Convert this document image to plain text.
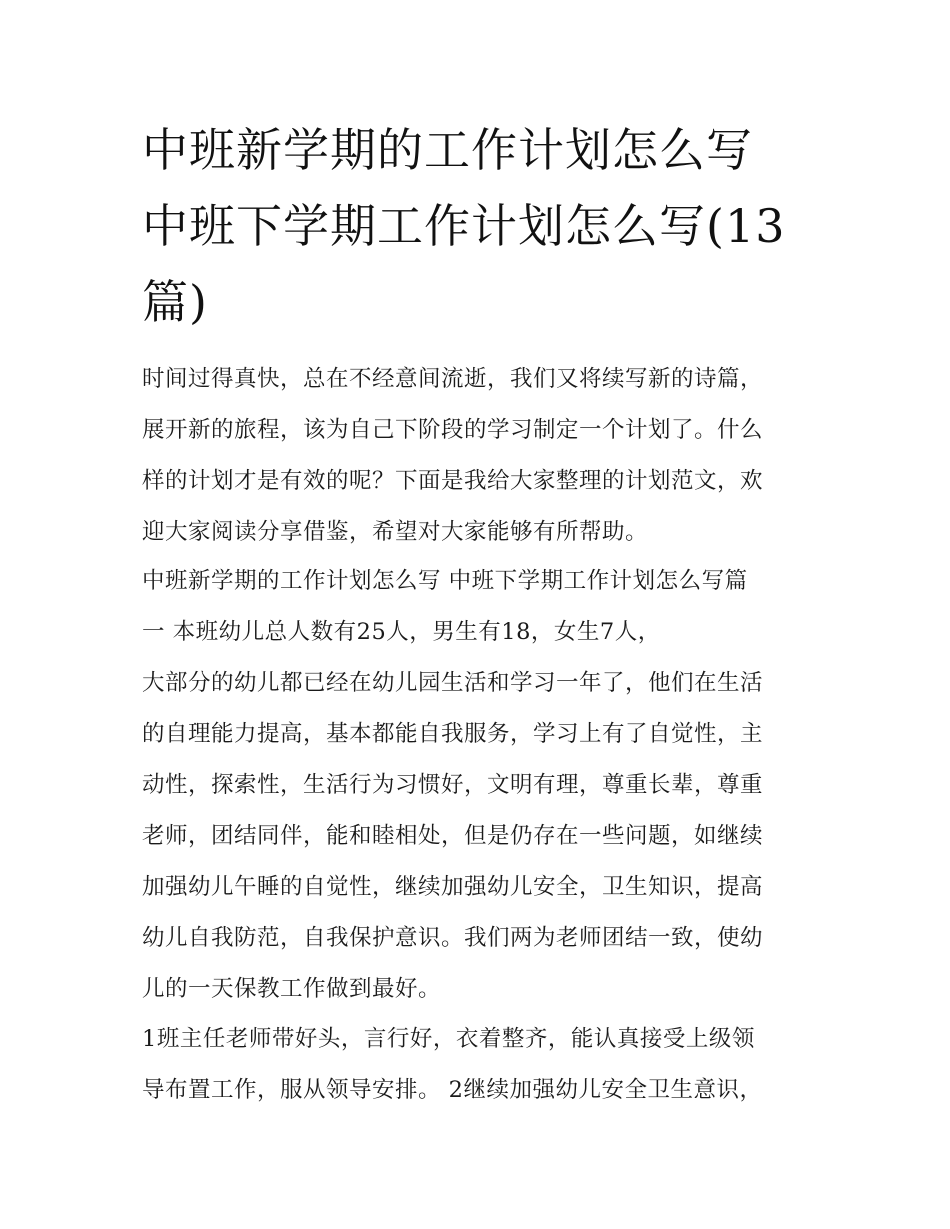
中班新学期的工作计划怎么写
中班下学期工作计划怎么写(13
篇)
时间过得真快，总在不经意间流逝，我们又将续写新的诗篇，
展开新的旅程，该为自己下阶段的学习制定一个计划了。什么
样的计划才是有效的呢？下面是我给大家整理的计划范文，欢
迎大家阅读分享借鉴，希望对大家能够有所帮助。
中班新学期的工作计划怎么写 中班下学期工作计划怎么写篇
一 本班幼儿总人数有25人，男生有18，女生7人，
大部分的幼儿都已经在幼儿园生活和学习一年了，他们在生活
的自理能力提高，基本都能自我服务，学习上有了自觉性，主
动性，探索性，生活行为习惯好，文明有理，尊重长辈，尊重
老师，团结同伴，能和睦相处，但是仍存在一些问题，如继续
加强幼儿午睡的自觉性，继续加强幼儿安全，卫生知识，提高
幼儿自我防范，自我保护意识。我们两为老师团结一致，使幼
儿的一天保教工作做到最好。
1班主任老师带好头，言行好，衣着整齐，能认真接受上级领
导布置工作，服从领导安排。 2继续加强幼儿安全卫生意识，
